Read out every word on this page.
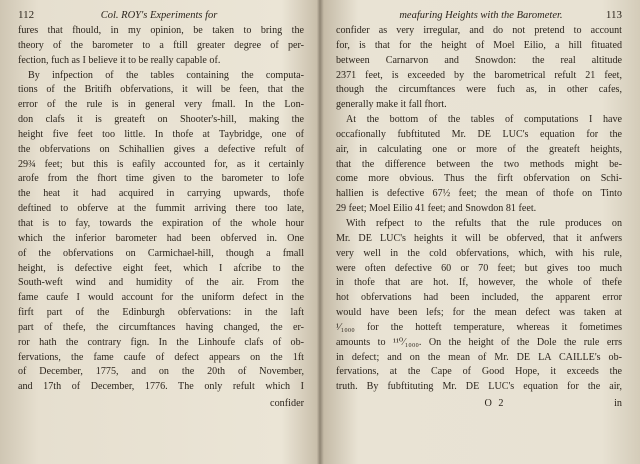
112	Col. ROY's Experiments for

fures that fhould, in my opinion, be taken to bring the
theory of the barometer to a ftill greater degree of per-
fection, fuch as I believe it to be really capable of.
By infpection of the tables containing the computa-
tions of the Britifh obfervations, it will be feen, that the
error of the rule is in general very fmall. In the Lon-
don clafs it is greateft on Shooter's-hill, making the
height five feet too little. In thofe at Taybridge, one of
the obfervations on Schihallien gives a defective refult of
29¾ feet; but this is eafily accounted for, as it certainly
arofe from the fhort time given to the barometer to lofe
the heat it had acquired in carrying upwards, thofe
deftined to obferve at the fummit arriving there too late,
that is to fay, towards the expiration of the whole hour
which the inferior barometer had been obferved in. One
of the obfervations on Carmichael-hill, though a fmall
height, is defective eight feet, which I afcribe to the
South-weft wind and humidity of the air. From the
fame caufe I would account for the uniform defect in the
firft part of the Edinburgh obfervations: in the laft
part of thefe, the circumftances having changed, the er-
ror hath the contrary fign. In the Linhoufe clafs of ob-
fervations, the fame caufe of defect appears on the 1ft
of December, 1775, and on the 20th of November,
and 17th of December, 1776. The only refult which I

confider
meafuring Heights with the Barometer.	113

confider as very irregular, and do not pretend to account
for, is that for the height of Moel Eilio, a hill fituated
between Carnarvon and Snowdon: the real altitude
2371 feet, is exceeded by the barometrical refult 21 feet,
though the circumftances were fuch as, in other cafes,
generally make it fall fhort.
At the bottom of the tables of computations I have
occafionally fubftituted Mr. DE LUC's equation for the
air, in calculating one or more of the greateft heights,
that the difference between the two methods might be-
come more obvious. Thus the firft obfervation on Schi-
hallien is defective 67½ feet; the mean of thofe on Tinto
29 feet; Moel Eilio 41 feet; and Snowdon 81 feet.
With refpect to the refults that the rule produces on
Mr. DE LUC's heights it will be obferved, that it anfwers
very well in the cold obfervations, which, with his rule,
were often defective 60 or 70 feet; but gives too much
in thofe that are hot. If, however, the whole of thefe
hot obfervations had been included, the apparent error
would have been lefs; for the mean defect was taken at
¹⁄₁₀₀₀ for the hotteft temperature, whereas it fometimes
amounts to ¹¹⁰⁄₁₀₀₀. On the height of the Dole the rule errs
in defect; and on the mean of Mr. DE LA CAILLE's ob-
fervations, at the Cape of Good Hope, it exceeds the
truth. By fubftituting Mr. DE LUC's equation for the air,

O 2	in
